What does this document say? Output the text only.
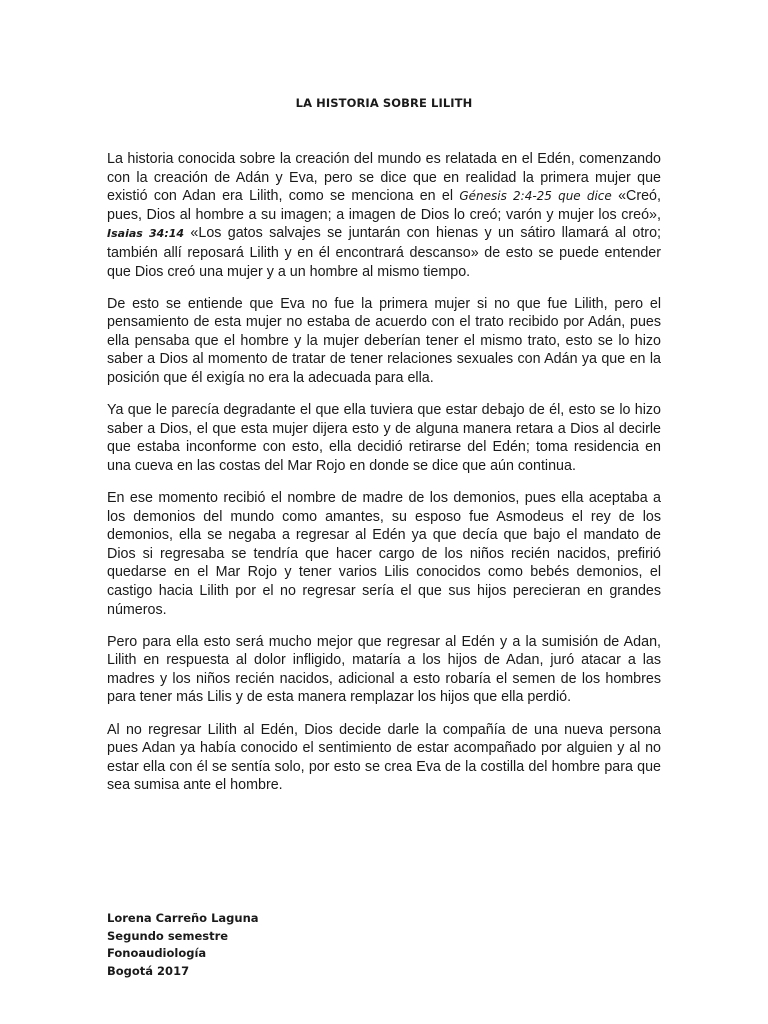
LA HISTORIA SOBRE LILITH

La historia conocida sobre la creación del mundo es relatada en el Edén, comenzando con la creación de Adán y Eva, pero se dice que en realidad la primera mujer que existió con Adan era Lilith, como se menciona en el Génesis 2:4-25 que dice «Creó, pues, Dios al hombre a su imagen; a imagen de Dios lo creó; varón y mujer los creó», Isaias 34:14 «Los gatos salvajes se juntarán con hienas y un sátiro llamará al otro; también allí reposará Lilith y en él encontrará descanso» de esto se puede entender que Dios creó una mujer y a un hombre al mismo tiempo.

De esto se entiende que Eva no fue la primera mujer si no que fue Lilith, pero el pensamiento de esta mujer no estaba de acuerdo con el trato recibido por Adán, pues ella pensaba que el hombre y la mujer deberían tener el mismo trato, esto se lo hizo saber a Dios al momento de tratar de tener relaciones sexuales con Adán ya que en la posición que él exigía no era la adecuada para ella.

Ya que le parecía degradante el que ella tuviera que estar debajo de él, esto se lo hizo saber a Dios, el que esta mujer dijera esto y de alguna manera retara a Dios al decirle que estaba inconforme con esto, ella decidió retirarse del Edén; toma residencia en una cueva en las costas del Mar Rojo en donde se dice que aún continua.

En ese momento recibió el nombre de madre de los demonios, pues ella aceptaba a los demonios del mundo como amantes, su esposo fue Asmodeus el rey de los demonios, ella se negaba a regresar al Edén ya que decía que bajo el mandato de Dios si regresaba se tendría que hacer cargo de los niños recién nacidos, prefirió quedarse en el Mar Rojo y tener varios Lilis conocidos como bebés demonios, el castigo hacia Lilith por el no regresar sería el que sus hijos perecieran en grandes números.

Pero para ella esto será mucho mejor que regresar al Edén y a la sumisión de Adan, Lilith en respuesta al dolor infligido, mataría a los hijos de Adan, juró atacar a las madres y los niños recién nacidos, adicional a esto robaría el semen de los hombres para tener más Lilis y de esta manera remplazar los hijos que ella perdió.

Al no regresar Lilith al Edén, Dios decide darle la compañía de una nueva persona pues Adan ya había conocido el sentimiento de estar acompañado por alguien y al no estar ella con él se sentía solo, por esto se crea Eva de la costilla del hombre para que sea sumisa ante el hombre.

Lorena Carreño Laguna
Segundo semestre
Fonoaudiología
Bogotá 2017
